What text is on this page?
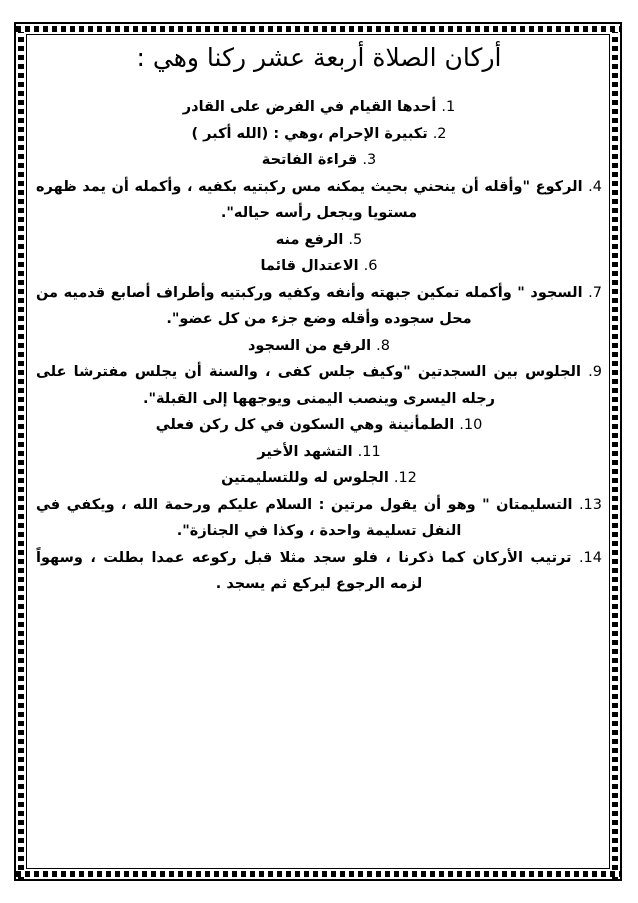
أركان الصلاة أربعة عشر ركنا وهي :

1. أحدها القيام في الفرض على القادر

2. تكبيرة الإحرام ،وهي : (الله أكبر )

3. قراءة الفاتحة

4. الركوع "وأقله أن ينحني بحيث يمكنه مس ركبتيه بكفيه ، وأكمله أن يمد ظهره مستويا ويجعل رأسه حياله".

5. الرفع منه

6. الاعتدال قائما

7. السجود " وأكمله تمكين جبهته وأنفه وكفيه وركبتيه وأطراف أصابع قدميه من محل سجوده وأقله وضع جزء من كل عضو".

8. الرفع من السجود

9. الجلوس بين السجدتين "وكيف جلس كفى ، والسنة أن يجلس مفترشا على رجله اليسرى وينصب اليمنى ويوجهها إلى القبلة".

10. الطمأنينة وهي السكون في كل ركن فعلي

11. التشهد الأخير

12. الجلوس له وللتسليمتين

13. التسليمتان " وهو أن يقول مرتين : السلام عليكم ورحمة الله ، ويكفي في النفل تسليمة واحدة ، وكذا في الجنازة".

14. ترتيب الأركان كما ذكرنا ، فلو سجد مثلا قبل ركوعه عمدا بطلت ، وسهواً لزمه الرجوع ليركع ثم يسجد .
